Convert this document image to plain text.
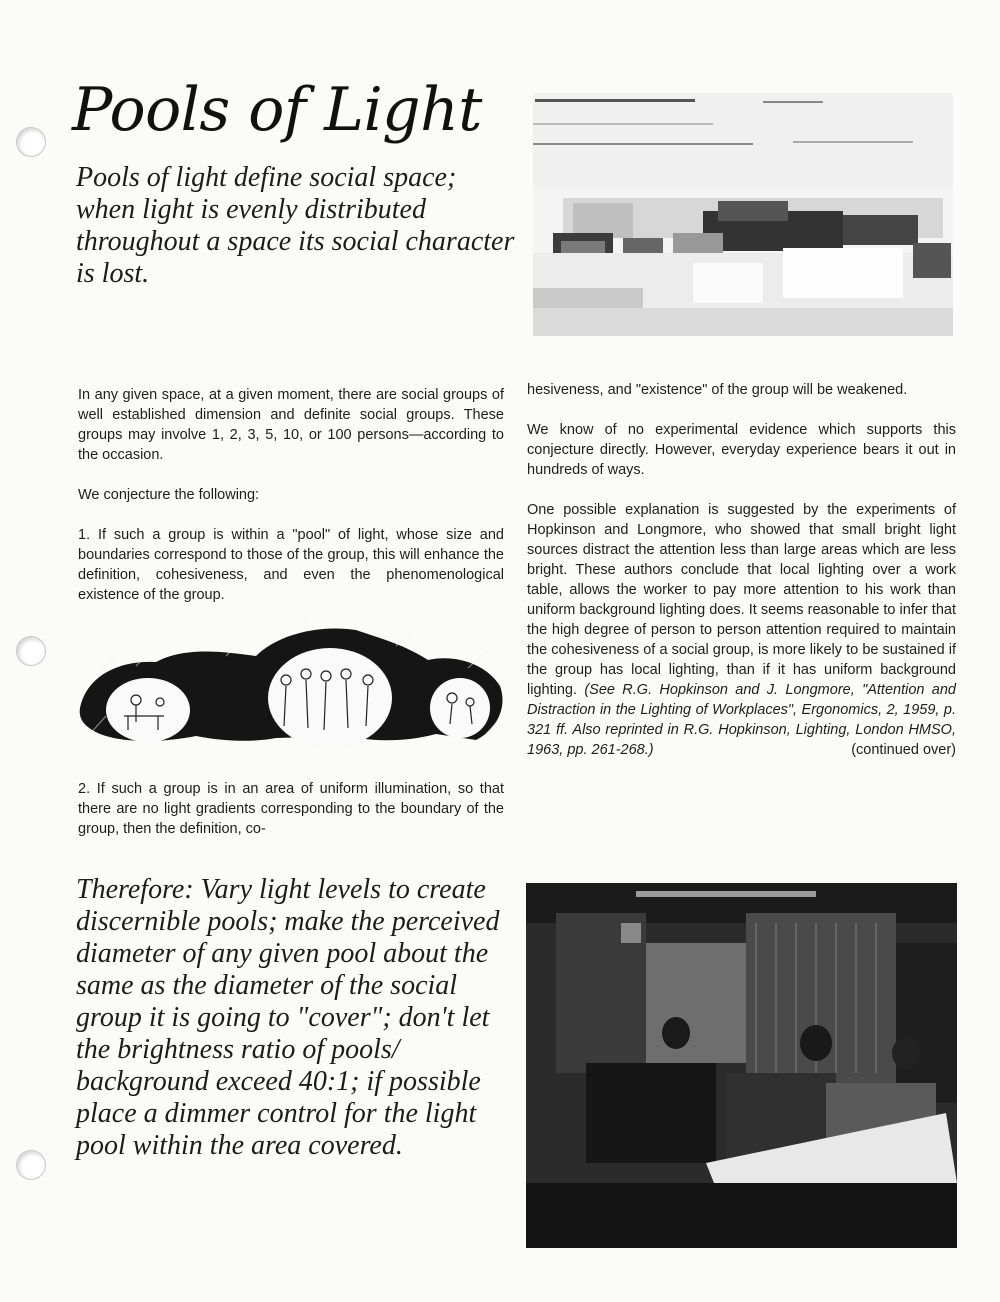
Pools of Light

Pools of light define social space; when light is evenly distributed throughout a space its social character is lost.

In any given space, at a given moment, there are social groups of well established dimension and definite social groups. These groups may involve 1, 2, 3, 5, 10, or 100 persons—according to the occasion.

We conjecture the following:

1. If such a group is within a "pool" of light, whose size and boundaries correspond to those of the group, this will enhance the definition, cohesiveness, and even the phenomenological existence of the group.

2. If such a group is in an area of uniform illumination, so that there are no light gradients corresponding to the boundary of the group, then the definition, co-

hesiveness, and "existence" of the group will be weakened.

We know of no experimental evidence which supports this conjecture directly. However, everyday experience bears it out in hundreds of ways.

One possible explanation is suggested by the experiments of Hopkinson and Longmore, who showed that small bright light sources distract the attention less than large areas which are less bright. These authors conclude that local lighting over a work table, allows the worker to pay more attention to his work than uniform background lighting does. It seems reasonable to infer that the high degree of person to person attention required to maintain the cohesiveness of a social group, is more likely to be sustained if the group has local lighting, than if it has uniform background lighting. (See R.G. Hopkinson and J. Longmore, "Attention and Distraction in the Lighting of Workplaces", Ergonomics, 2, 1959, p. 321 ff. Also reprinted in R.G. Hopkinson, Lighting, London HMSO, 1963, pp. 261-268.)	(continued over)

Therefore: Vary light levels to create discernible pools; make the perceived diameter of any given pool about the same as the diameter of the social group it is going to "cover"; don't let the brightness ratio of pools/ background exceed 40:1; if possible place a dimmer control for the light pool within the area covered.
